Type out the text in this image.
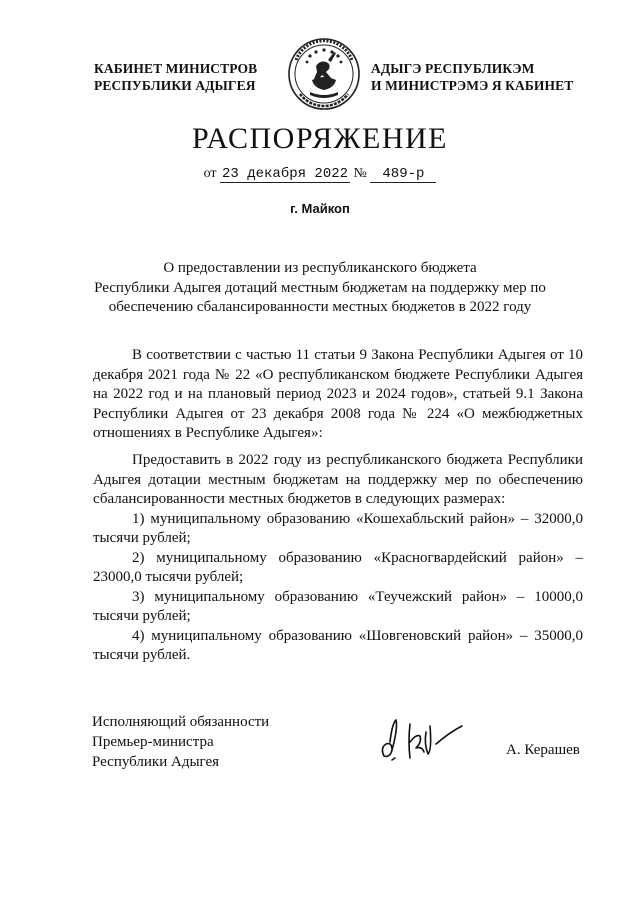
КАБИНЕТ МИНИСТРОВ
РЕСПУБЛИКИ АДЫГЕЯ
АДЫГЭ РЕСПУБЛИКЭМ
И МИНИСТРЭМЭ Я КАБИНЕТ
РАСПОРЯЖЕНИЕ
от 23 декабря 2022 № 489-р
г. Майкоп
О предоставлении из республиканского бюджета
Республики Адыгея дотаций местным бюджетам на поддержку мер по
обеспечению сбалансированности местных бюджетов в 2022 году

В соответствии с частью 11 статьи 9 Закона Республики Адыгея от 10 декабря 2021 года № 22 «О республиканском бюджете Республики Адыгея на 2022 год и на плановый период 2023 и 2024 годов», статьей 9.1 Закона Республики Адыгея от 23 декабря 2008 года № 224 «О межбюджетных отношениях в Республике Адыгея»:

Предоставить в 2022 году из республиканского бюджета Республики Адыгея дотации местным бюджетам на поддержку мер по обеспечению сбалансированности местных бюджетов в следующих размерах:

1) муниципальному образованию «Кошехабльский район» – 32000,0 тысячи рублей;

2) муниципальному образованию «Красногвардейский район» – 23000,0 тысячи рублей;

3) муниципальному образованию «Теучежский район» – 10000,0 тысячи рублей;

4) муниципальному образованию «Шовгеновский район» – 35000,0 тысячи рублей.

Исполняющий обязанности
Премьер-министра
Республики Адыгея
А. Керашев
